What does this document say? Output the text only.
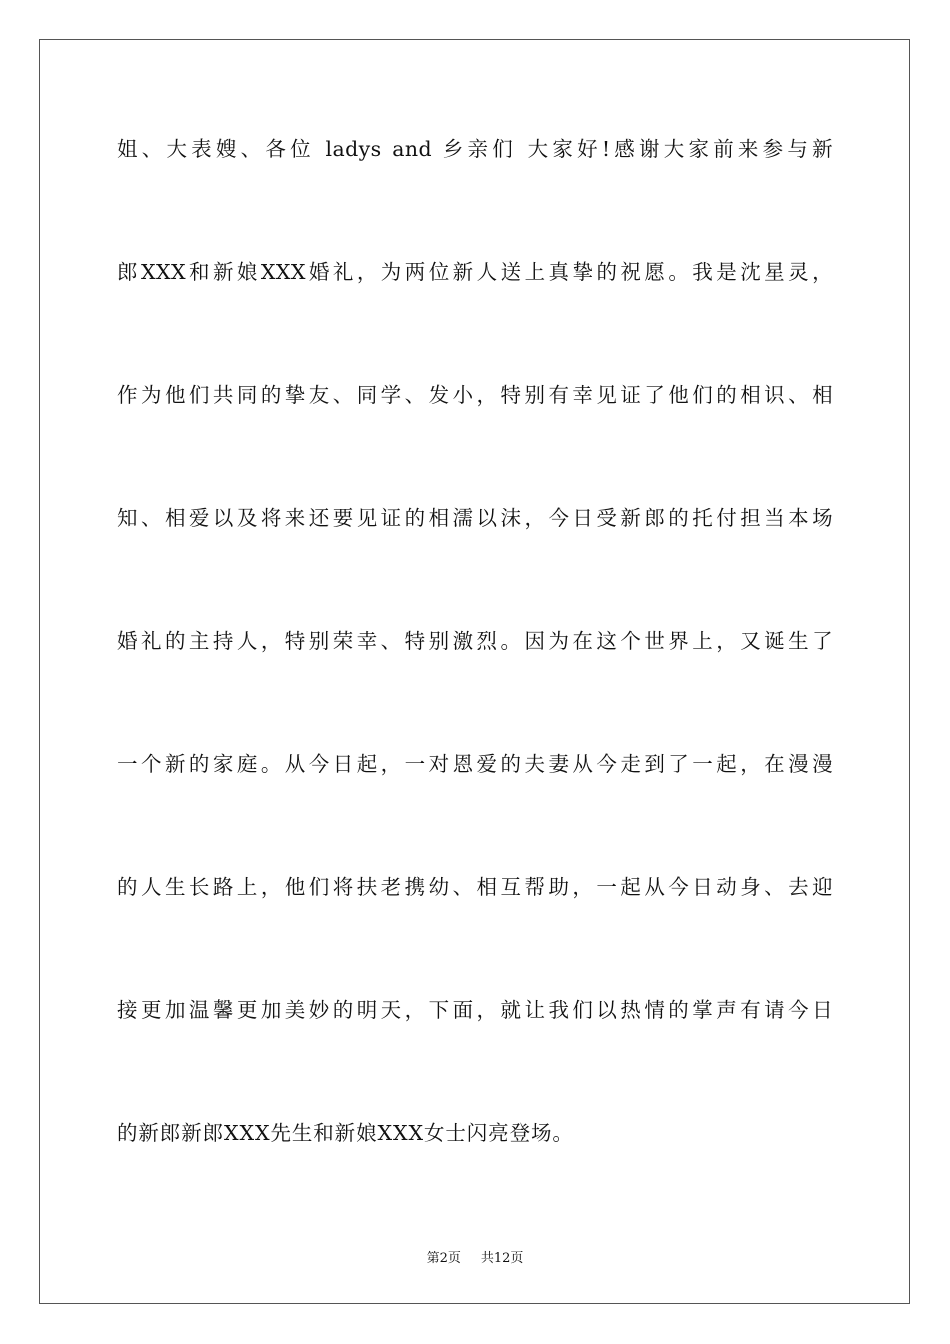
姐、大表嫂、各位 ladys and 乡亲们 大家好!感谢大家前来参与新
郎XXX和新娘XXX婚礼，为两位新人送上真挚的祝愿。我是沈星灵，
作为他们共同的挚友、同学、发小，特别有幸见证了他们的相识、相
知、相爱以及将来还要见证的相濡以沫，今日受新郎的托付担当本场
婚礼的主持人，特别荣幸、特别激烈。因为在这个世界上，又诞生了
一个新的家庭。从今日起，一对恩爱的夫妻从今走到了一起，在漫漫
的人生长路上，他们将扶老携幼、相互帮助，一起从今日动身、去迎
接更加温馨更加美妙的明天，下面，就让我们以热情的掌声有请今日
的新郎新郎XXX先生和新娘XXX女士闪亮登场。
第2页 共12页
